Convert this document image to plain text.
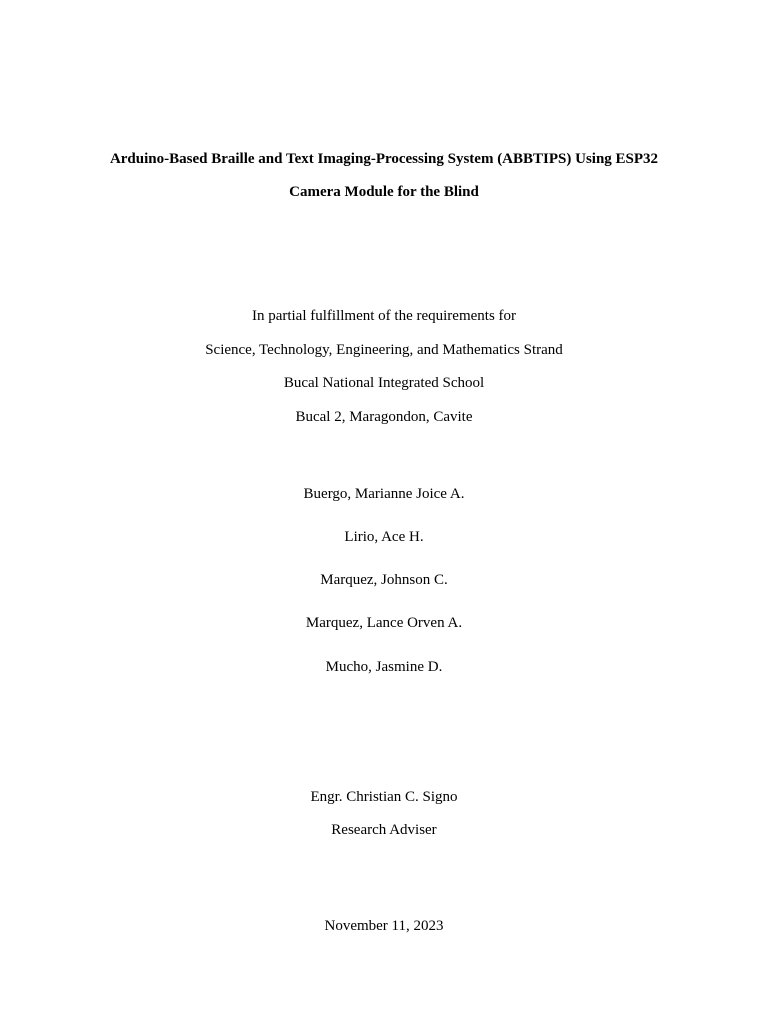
Arduino-Based Braille and Text Imaging-Processing System (ABBTIPS) Using ESP32
Camera Module for the Blind
In partial fulfillment of the requirements for
Science, Technology, Engineering, and Mathematics Strand
Bucal National Integrated School
Bucal 2, Maragondon, Cavite
Buergo, Marianne Joice A.
Lirio, Ace H.
Marquez, Johnson C.
Marquez, Lance Orven A.
Mucho, Jasmine D.
Engr. Christian C. Signo
Research Adviser
November 11, 2023
